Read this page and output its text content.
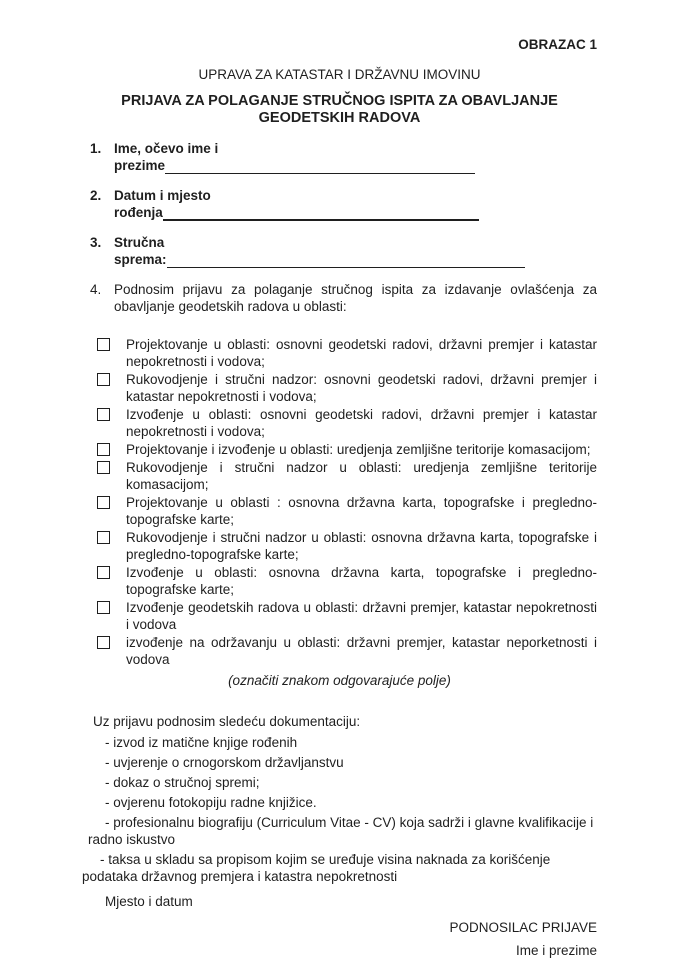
OBRAZAC 1
UPRAVA ZA KATASTAR I DRŽAVNU IMOVINU
PRIJAVA ZA POLAGANJE STRUČNOG ISPITA ZA OBAVLJANJE GEODETSKIH RADOVA
1. Ime, očevo ime i
prezime
2. Datum i mjesto
rođenja
3. Stručna
sprema:
4. Podnosim prijavu za polaganje stručnog ispita za izdavanje ovlašćenja za obavljanje geodetskih radova u oblasti:
Projektovanje u oblasti: osnovni geodetski radovi, državni premjer i katastar nepokretnosti i vodova;
Rukovodjenje i stručni nadzor: osnovni geodetski radovi, državni premjer i katastar nepokretnosti i vodova;
Izvođenje u oblasti: osnovni geodetski radovi, državni premjer i katastar nepokretnosti i vodova;
Projektovanje i izvođenje u oblasti: uredjenja zemljišne teritorije komasacijom;
Rukovodjenje i stručni nadzor u oblasti: uredjenja zemljišne teritorije komasacijom;
Projektovanje u oblasti : osnovna državna karta, topografske i pregledno-topografske karte;
Rukovodjenje i stručni nadzor u oblasti: osnovna državna karta, topografske i pregledno-topografske karte;
Izvođenje u oblasti: osnovna državna karta, topografske i pregledno-topografske karte;
Izvođenje geodetskih radova u oblasti: državni premjer, katastar nepokretnosti i vodova
izvođenje na održavanju u oblasti: državni premjer, katastar neporketnosti i vodova
(označiti znakom odgovarajuće polje)
Uz prijavu podnosim sledeću dokumentaciju:
- izvod iz matične knjige rođenih
- uvjerenje o crnogorskom državljanstvu
- dokaz o stručnoj spremi;
- ovjerenu fotokopiju radne knjižice.
- profesionalnu biografiju (Curriculum Vitae - CV) koja sadrži i glavne kvalifikacije i radno iskustvo
- taksa u skladu sa propisom kojim se uređuje visina naknada za korišćenje podataka državnog premjera i katastra nepokretnosti
Mjesto i datum
PODNOSILAC PRIJAVE
Ime i prezime
